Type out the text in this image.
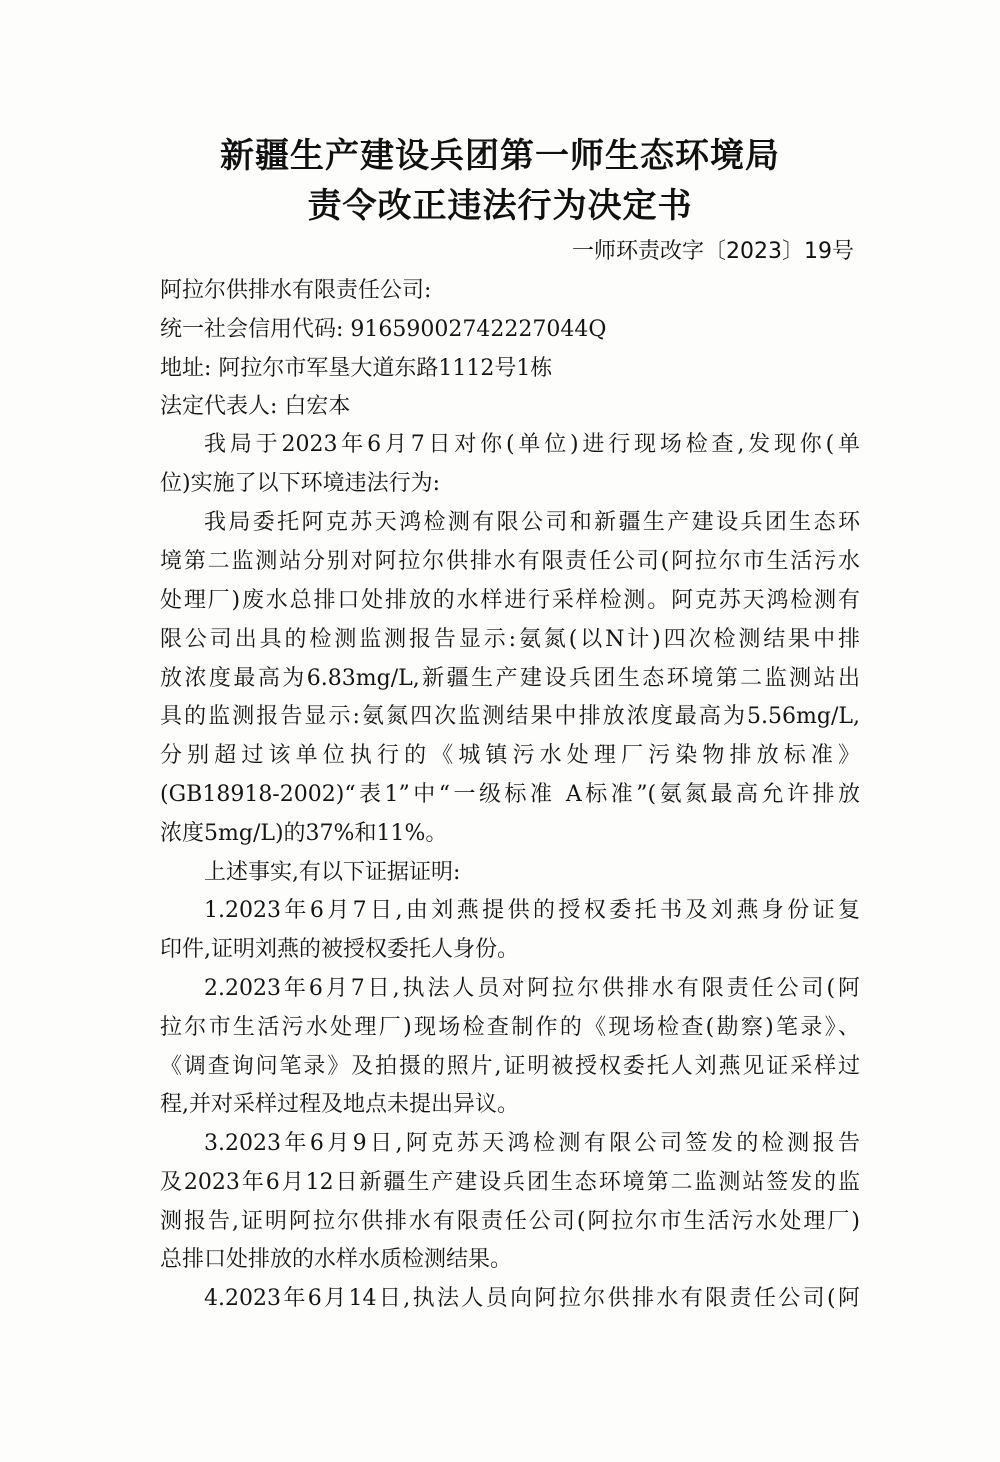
新疆生产建设兵团第一师生态环境局
责令改正违法行为决定书
一师环责改字〔2023〕19号
阿拉尔供排水有限责任公司:
统一社会信用代码: 91659002742227044Q
地址: 阿拉尔市军垦大道东路1112号1栋
法定代表人: 白宏本
我局于2023年6月7日对你(单位)进行现场检查,发现你(单
位)实施了以下环境违法行为:
我局委托阿克苏天鸿检测有限公司和新疆生产建设兵团生态环
境第二监测站分别对阿拉尔供排水有限责任公司(阿拉尔市生活污水
处理厂)废水总排口处排放的水样进行采样检测。阿克苏天鸿检测有
限公司出具的检测监测报告显示:氨氮(以N计)四次检测结果中排
放浓度最高为6.83mg/L,新疆生产建设兵团生态环境第二监测站出
具的监测报告显示:氨氮四次监测结果中排放浓度最高为5.56mg/L,
分别超过该单位执行的《城镇污水处理厂污染物排放标准》
(GB18918-2002)“表1”中“一级标准 A标准”(氨氮最高允许排放
浓度5mg/L)的37%和11%。
上述事实,有以下证据证明:
1.2023年6月7日,由刘燕提供的授权委托书及刘燕身份证复
印件,证明刘燕的被授权委托人身份。
2.2023年6月7日,执法人员对阿拉尔供排水有限责任公司(阿
拉尔市生活污水处理厂)现场检查制作的《现场检查(勘察)笔录》、
《调查询问笔录》及拍摄的照片,证明被授权委托人刘燕见证采样过
程,并对采样过程及地点未提出异议。
3.2023年6月9日,阿克苏天鸿检测有限公司签发的检测报告
及2023年6月12日新疆生产建设兵团生态环境第二监测站签发的监
测报告,证明阿拉尔供排水有限责任公司(阿拉尔市生活污水处理厂)
总排口处排放的水样水质检测结果。
4.2023年6月14日,执法人员向阿拉尔供排水有限责任公司(阿
